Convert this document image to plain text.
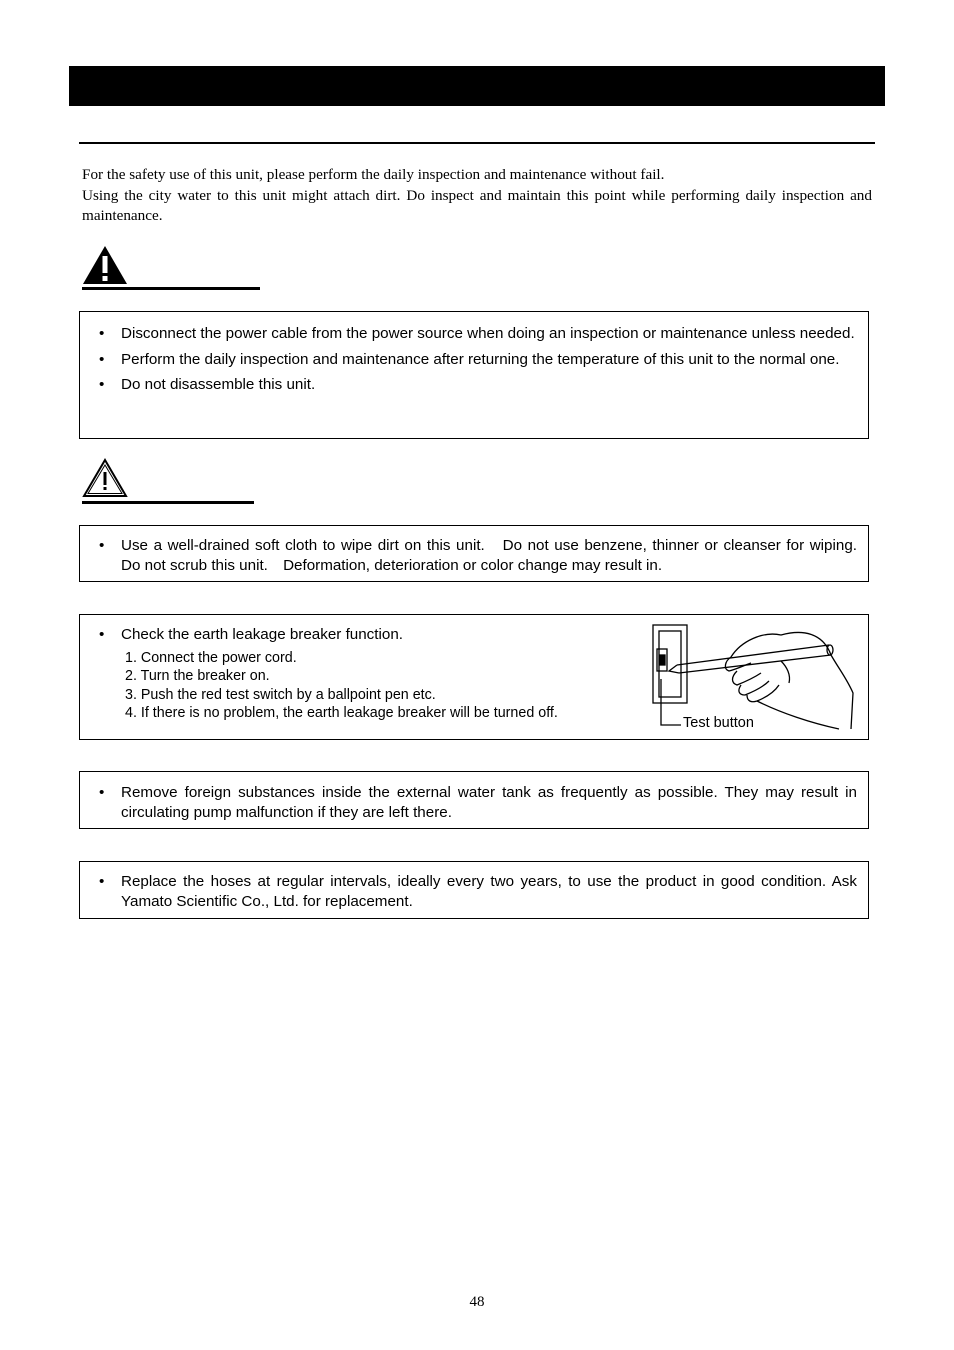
For the safety use of this unit, please perform the daily inspection and maintenance without fail.

Using the city water to this unit might attach dirt. Do inspect and maintain this point while performing daily inspection and maintenance.

• Disconnect the power cable from the power source when doing an inspection or maintenance unless needed.
• Perform the daily inspection and maintenance after returning the temperature of this unit to the normal one.
• Do not disassemble this unit.
• Use a well-drained soft cloth to wipe dirt on this unit.　Do not use benzene, thinner or cleanser for wiping.　Do not scrub this unit.　Deformation, deterioration or color change may result in.
• Check the earth leakage breaker function.
1. Connect the power cord.
2. Turn the breaker on.
3. Push the red test switch by a ballpoint pen etc.
4. If there is no problem, the earth leakage breaker will be turned off.
Test button
• Remove foreign substances inside the external water tank as frequently as possible. They may result in circulating pump malfunction if they are left there.
• Replace the hoses at regular intervals, ideally every two years, to use the product in good condition. Ask Yamato Scientific Co., Ltd. for replacement.
48
